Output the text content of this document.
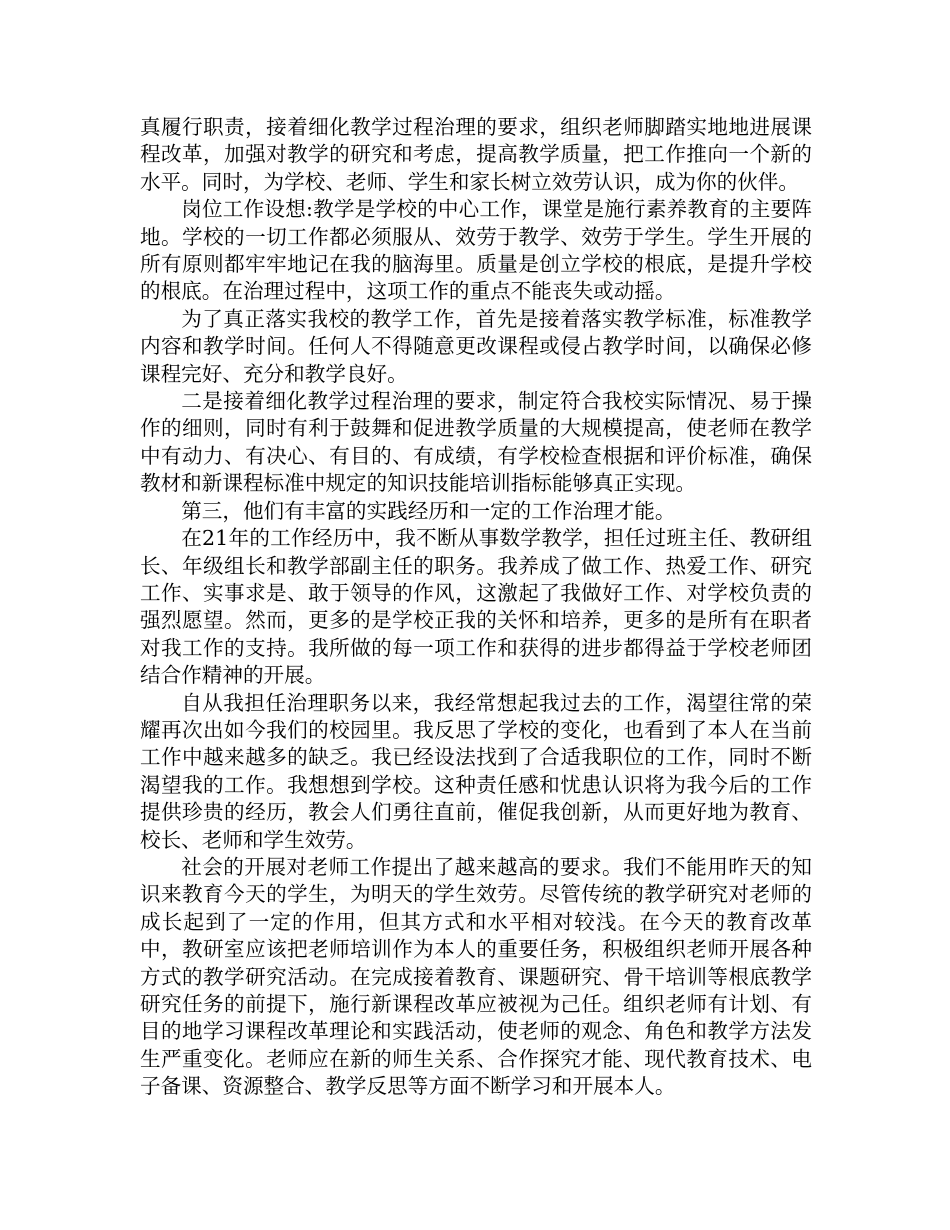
真履行职责，接着细化教学过程治理的要求，组织老师脚踏实地地进展课程改革，加强对教学的研究和考虑，提高教学质量，把工作推向一个新的水平。同时，为学校、老师、学生和家长树立效劳认识，成为你的伙伴。

岗位工作设想:教学是学校的中心工作，课堂是施行素养教育的主要阵地。学校的一切工作都必须服从、效劳于教学、效劳于学生。学生开展的所有原则都牢牢地记在我的脑海里。质量是创立学校的根底，是提升学校的根底。在治理过程中，这项工作的重点不能丧失或动摇。

为了真正落实我校的教学工作，首先是接着落实教学标准，标准教学内容和教学时间。任何人不得随意更改课程或侵占教学时间，以确保必修课程完好、充分和教学良好。

二是接着细化教学过程治理的要求，制定符合我校实际情况、易于操作的细则，同时有利于鼓舞和促进教学质量的大规模提高，使老师在教学中有动力、有决心、有目的、有成绩，有学校检查根据和评价标准，确保教材和新课程标准中规定的知识技能培训指标能够真正实现。

第三，他们有丰富的实践经历和一定的工作治理才能。

在21年的工作经历中，我不断从事数学教学，担任过班主任、教研组长、年级组长和教学部副主任的职务。我养成了做工作、热爱工作、研究工作、实事求是、敢于领导的作风，这激起了我做好工作、对学校负责的强烈愿望。然而，更多的是学校正我的关怀和培养，更多的是所有在职者对我工作的支持。我所做的每一项工作和获得的进步都得益于学校老师团结合作精神的开展。

自从我担任治理职务以来，我经常想起我过去的工作，渴望往常的荣耀再次出如今我们的校园里。我反思了学校的变化，也看到了本人在当前工作中越来越多的缺乏。我已经设法找到了合适我职位的工作，同时不断渴望我的工作。我想想到学校。这种责任感和忧患认识将为我今后的工作提供珍贵的经历，教会人们勇往直前，催促我创新，从而更好地为教育、校长、老师和学生效劳。

社会的开展对老师工作提出了越来越高的要求。我们不能用昨天的知识来教育今天的学生，为明天的学生效劳。尽管传统的教学研究对老师的成长起到了一定的作用，但其方式和水平相对较浅。在今天的教育改革中，教研室应该把老师培训作为本人的重要任务，积极组织老师开展各种方式的教学研究活动。在完成接着教育、课题研究、骨干培训等根底教学研究任务的前提下，施行新课程改革应被视为己任。组织老师有计划、有目的地学习课程改革理论和实践活动，使老师的观念、角色和教学方法发生严重变化。老师应在新的师生关系、合作探究才能、现代教育技术、电子备课、资源整合、教学反思等方面不断学习和开展本人。
